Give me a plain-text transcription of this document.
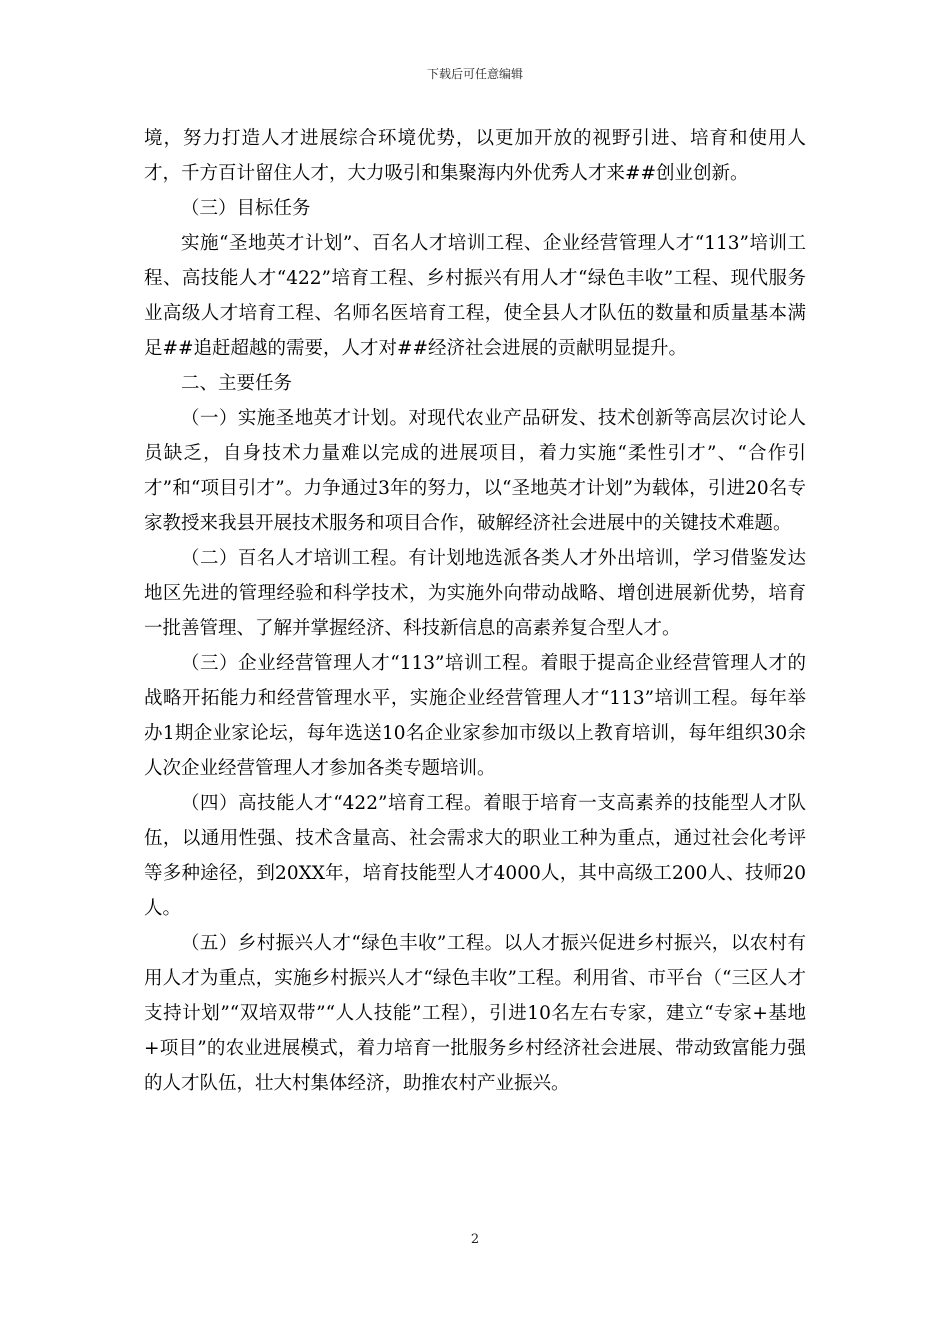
下载后可任意编辑

境，努力打造人才进展综合环境优势，以更加开放的视野引进、培育和使用人才，千方百计留住人才，大力吸引和集聚海内外优秀人才来##创业创新。

（三）目标任务

实施“圣地英才计划”、百名人才培训工程、企业经营管理人才“113”培训工程、高技能人才“422”培育工程、乡村振兴有用人才“绿色丰收”工程、现代服务业高级人才培育工程、名师名医培育工程，使全县人才队伍的数量和质量基本满足##追赶超越的需要，人才对##经济社会进展的贡献明显提升。

二、主要任务

（一）实施圣地英才计划。对现代农业产品研发、技术创新等高层次讨论人员缺乏，自身技术力量难以完成的进展项目，着力实施“柔性引才”、“合作引才”和“项目引才”。力争通过3年的努力，以“圣地英才计划”为载体，引进20名专家教授来我县开展技术服务和项目合作，破解经济社会进展中的关键技术难题。

（二）百名人才培训工程。有计划地选派各类人才外出培训，学习借鉴发达地区先进的管理经验和科学技术，为实施外向带动战略、增创进展新优势，培育一批善管理、了解并掌握经济、科技新信息的高素养复合型人才。

（三）企业经营管理人才“113”培训工程。着眼于提高企业经营管理人才的战略开拓能力和经营管理水平，实施企业经营管理人才“113”培训工程。每年举办1期企业家论坛，每年选送10名企业家参加市级以上教育培训，每年组织30余人次企业经营管理人才参加各类专题培训。

（四）高技能人才“422”培育工程。着眼于培育一支高素养的技能型人才队伍，以通用性强、技术含量高、社会需求大的职业工种为重点，通过社会化考评等多种途径，到20XX年，培育技能型人才4000人，其中高级工200人、技师20人。

（五）乡村振兴人才“绿色丰收”工程。以人才振兴促进乡村振兴，以农村有用人才为重点，实施乡村振兴人才“绿色丰收”工程。利用省、市平台（“三区人才支持计划”“双培双带”“人人技能”工程），引进10名左右专家，建立“专家+基地+项目”的农业进展模式，着力培育一批服务乡村经济社会进展、带动致富能力强的人才队伍，壮大村集体经济，助推农村产业振兴。

2
